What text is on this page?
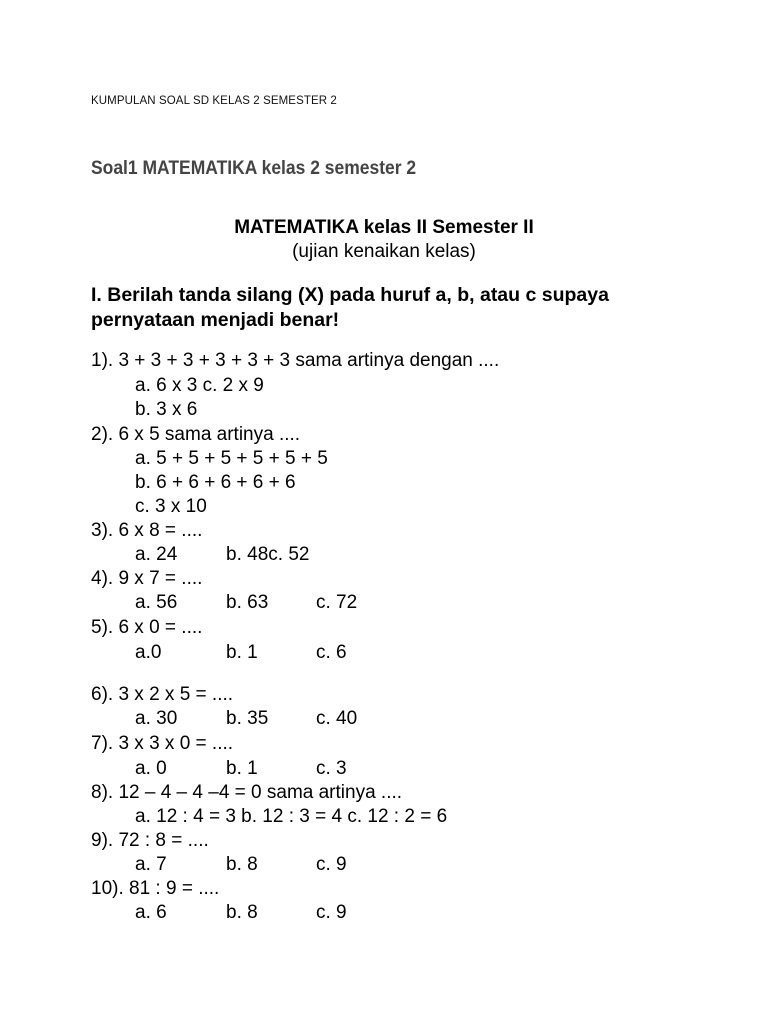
KUMPULAN SOAL SD KELAS 2 SEMESTER 2
Soal1 MATEMATIKA kelas 2 semester 2
MATEMATIKA kelas II Semester II
(ujian kenaikan kelas)
I. Berilah tanda silang (X) pada huruf a, b, atau c supaya
pernyataan menjadi benar!
1). 3 + 3 + 3 + 3 + 3 + 3 sama artinya dengan ....
a. 6 x 3 c. 2 x 9
b. 3 x 6
2). 6 x 5 sama artinya ....
a. 5 + 5 + 5 + 5 + 5 + 5
b. 6 + 6 + 6 + 6 + 6
c. 3 x 10
3). 6 x 8 = ....
a. 24	b. 48c. 52
4). 9 x 7 = ....
a. 56	b. 63	c. 72
5). 6 x 0 = ....
a.0	b. 1	c. 6
6). 3 x 2 x 5 = ....
a. 30	b. 35	c. 40
7). 3 x 3 x 0 = ....
a. 0	b. 1	c. 3
8). 12 – 4 – 4 –4 = 0 sama artinya ....
a. 12 : 4 = 3 b. 12 : 3 = 4 c. 12 : 2 = 6
9). 72 : 8 = ....
a. 7	b. 8	c. 9
10). 81 : 9 = ....
a. 6	b. 8	c. 9
